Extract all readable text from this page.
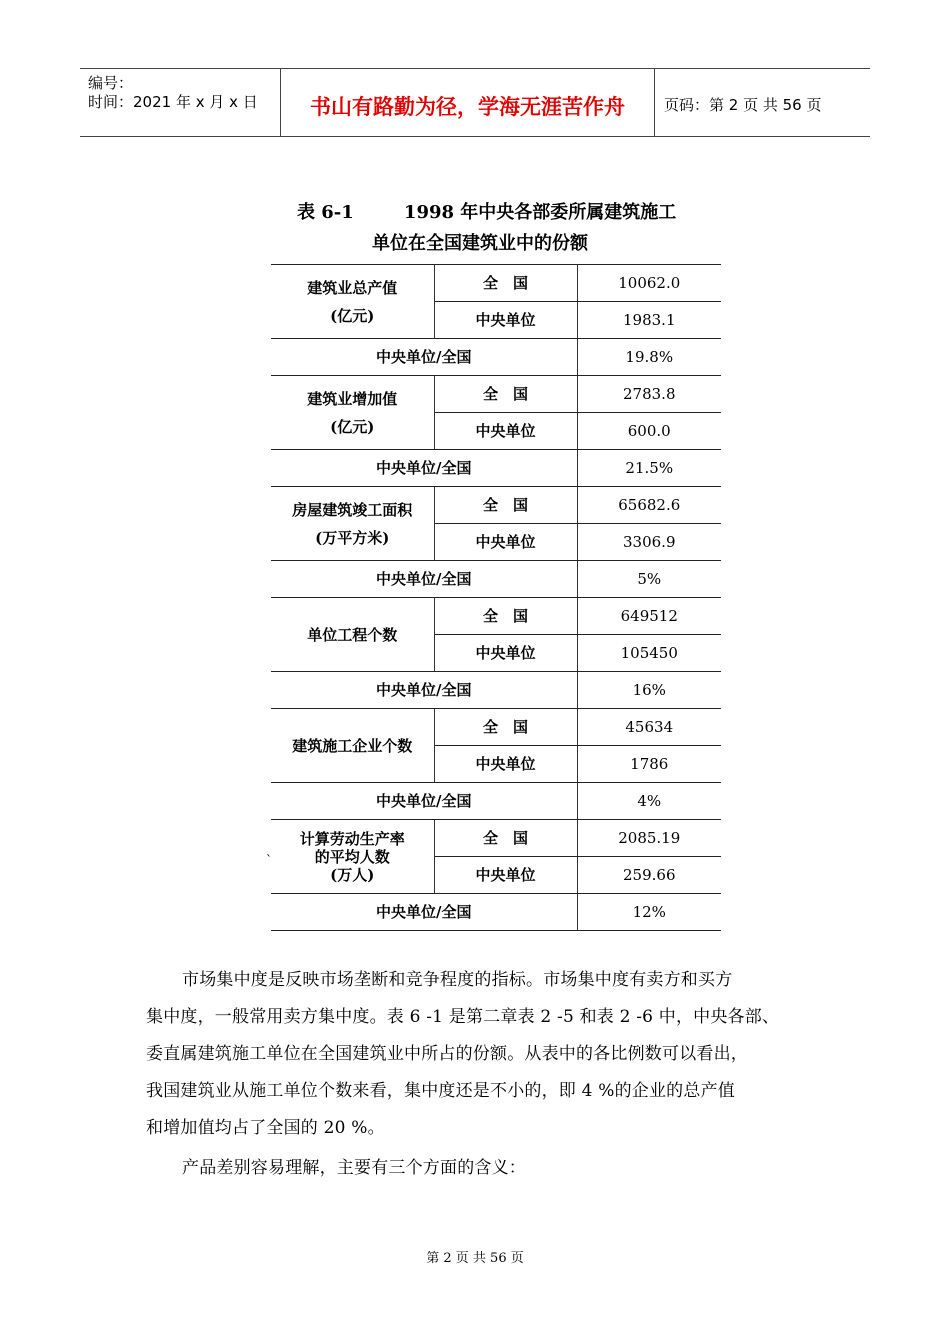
编号：
时间：2021 年 x 月 x 日	书山有路勤为径，学海无涯苦作舟	页码：第 2 页 共 56 页
表 6-1        1998 年中央各部委所属建筑施工
单位在全国建筑业中的份额
建筑业总产值
(亿元)	全　国	10062.0
	中央单位	1983.1
中央单位/全国		19.8%

建筑业增加值
(亿元)	全　国	2783.8
	中央单位	600.0
中央单位/全国		21.5%

房屋建筑竣工面积
(万平方米)	全　国	65682.6
	中央单位	3306.9
中央单位/全国		5%

单位工程个数	全　国	649512
	中央单位	105450
中央单位/全国		16%

建筑施工企业个数	全　国	45634
	中央单位	1786
中央单位/全国		4%

计算劳动生产率
的平均人数
(万人)	全　国	2085.19
	中央单位	259.66
中央单位/全国		12%
`
市场集中度是反映市场垄断和竞争程度的指标。市场集中度有卖方和买方
集中度，一般常用卖方集中度。表 6 -1 是第二章表 2 -5 和表 2 -6 中，中央各部、
委直属建筑施工单位在全国建筑业中所占的份额。从表中的各比例数可以看出，
我国建筑业从施工单位个数来看，集中度还是不小的，即 4 %的企业的总产值
和增加值均占了全国的 20 %。
产品差别容易理解，主要有三个方面的含义：
第 2 页 共 56 页
